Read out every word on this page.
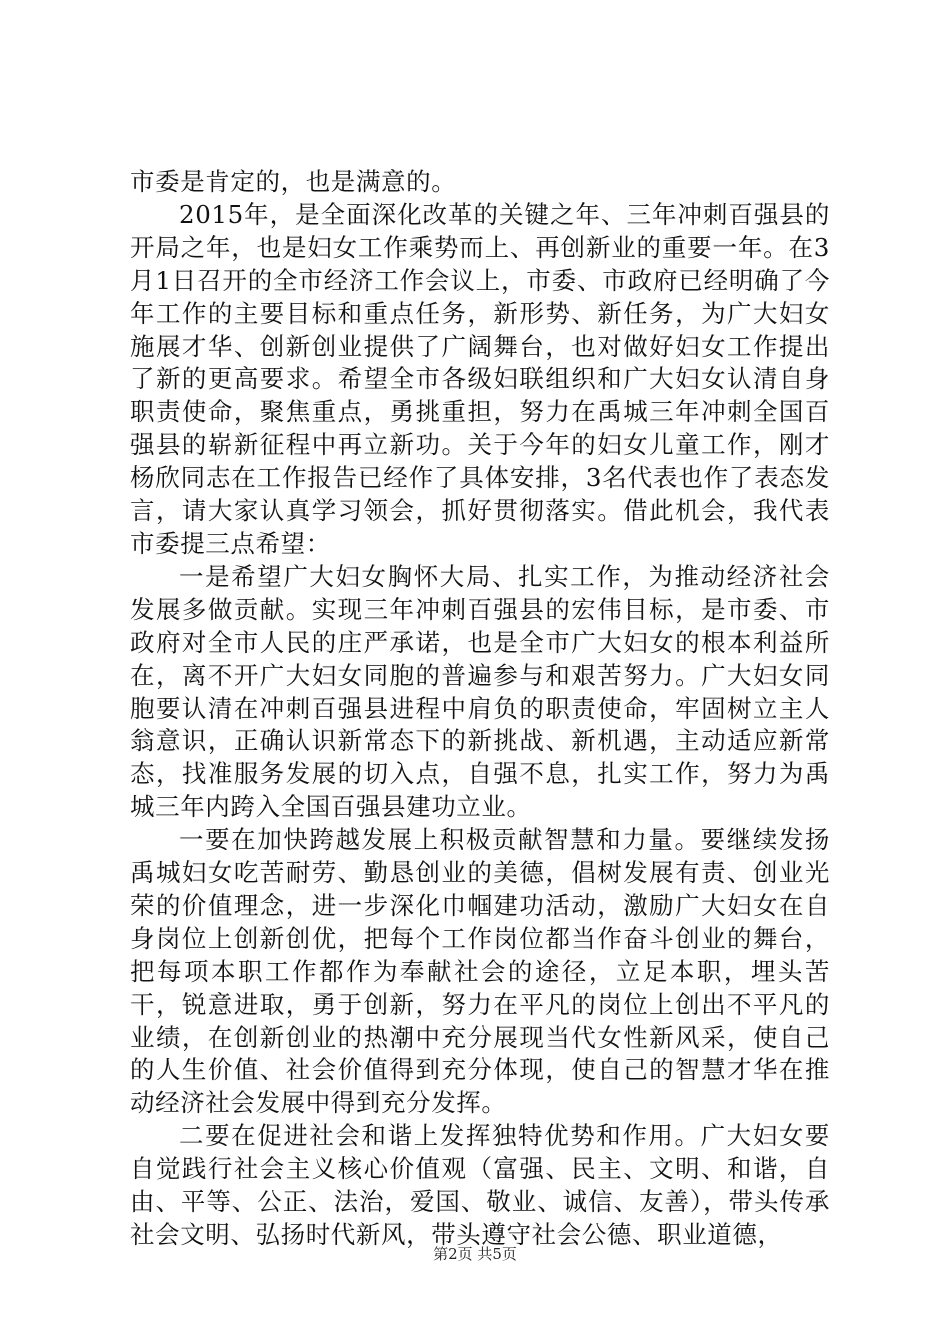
市委是肯定的，也是满意的。

2015年，是全面深化改革的关键之年、三年冲刺百强县的开局之年，也是妇女工作乘势而上、再创新业的重要一年。在3月1日召开的全市经济工作会议上，市委、市政府已经明确了今年工作的主要目标和重点任务，新形势、新任务，为广大妇女施展才华、创新创业提供了广阔舞台，也对做好妇女工作提出了新的更高要求。希望全市各级妇联组织和广大妇女认清自身职责使命，聚焦重点，勇挑重担，努力在禹城三年冲刺全国百强县的崭新征程中再立新功。关于今年的妇女儿童工作，刚才杨欣同志在工作报告已经作了具体安排，3名代表也作了表态发言，请大家认真学习领会，抓好贯彻落实。借此机会，我代表市委提三点希望：

一是希望广大妇女胸怀大局、扎实工作，为推动经济社会发展多做贡献。实现三年冲刺百强县的宏伟目标，是市委、市政府对全市人民的庄严承诺，也是全市广大妇女的根本利益所在，离不开广大妇女同胞的普遍参与和艰苦努力。广大妇女同胞要认清在冲刺百强县进程中肩负的职责使命，牢固树立主人翁意识，正确认识新常态下的新挑战、新机遇，主动适应新常态，找准服务发展的切入点，自强不息，扎实工作，努力为禹城三年内跨入全国百强县建功立业。

一要在加快跨越发展上积极贡献智慧和力量。要继续发扬禹城妇女吃苦耐劳、勤恳创业的美德，倡树发展有责、创业光荣的价值理念，进一步深化巾帼建功活动，激励广大妇女在自身岗位上创新创优，把每个工作岗位都当作奋斗创业的舞台，把每项本职工作都作为奉献社会的途径，立足本职，埋头苦干，锐意进取，勇于创新，努力在平凡的岗位上创出不平凡的业绩，在创新创业的热潮中充分展现当代女性新风采，使自己的人生价值、社会价值得到充分体现，使自己的智慧才华在推动经济社会发展中得到充分发挥。

二要在促进社会和谐上发挥独特优势和作用。广大妇女要自觉践行社会主义核心价值观（富强、民主、文明、和谐，自由、平等、公正、法治，爱国、敬业、诚信、友善），带头传承社会文明、弘扬时代新风，带头遵守社会公德、职业道德，

第2页 共5页
